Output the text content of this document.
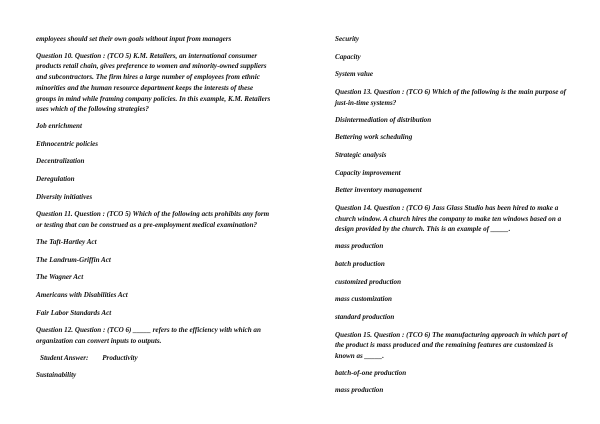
employees should set their own goals without input from managers

Question 10. Question : (TCO 5) K.M. Retailers, an international consumer products retail chain, gives preference to women and minority-owned suppliers and subcontractors. The firm hires a large number of employees from ethnic minorities and the human resource department keeps the interests of these groups in mind while framing company policies. In this example, K.M. Retailers uses which of the following strategies?

Job enrichment

Ethnocentric policies

Decentralization

Deregulation

Diversity initiatives

Question 11. Question : (TCO 5) Which of the following acts prohibits any form or testing that can be construed as a pre-employment medical examination?

The Taft-Hartley Act

The Landrum-Griffin Act

The Wagner Act

Americans with Disabilities Act

Fair Labor Standards Act

Question 12. Question : (TCO 6) _____ refers to the efficiency with which an organization can convert inputs to outputs.

Student Answer: Productivity

Sustainability

Security

Capacity

System value

Question 13. Question : (TCO 6) Which of the following is the main purpose of just-in-time systems?

Disintermediation of distribution

Bettering work scheduling

Strategic analysis

Capacity improvement

Better inventory management

Question 14. Question : (TCO 6) Jass Glass Studio has been hired to make a church window. A church hires the company to make ten windows based on a design provided by the church. This is an example of _____.

mass production

batch production

customized production

mass customization

standard production

Question 15. Question : (TCO 6) The manufacturing approach in which part of the product is mass produced and the remaining features are customized is known as _____.

batch-of-one production

mass production
